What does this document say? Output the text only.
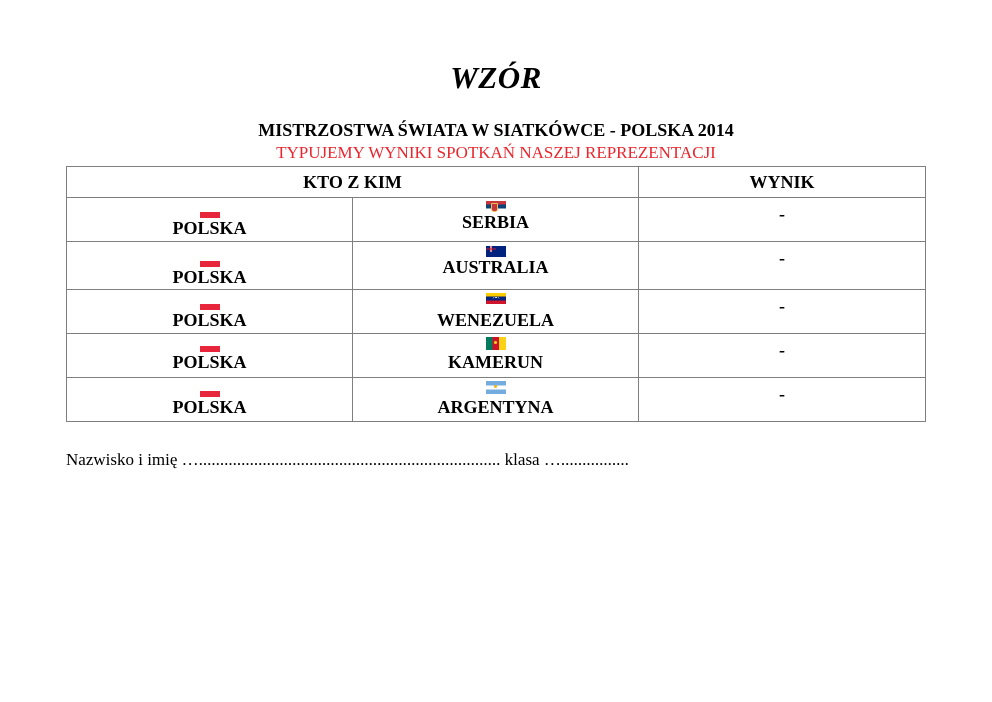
WZÓR
MISTRZOSTWA ŚWIATA W SIATKÓWCE - POLSKA 2014
TYPUJEMY WYNIKI SPOTKAŃ NASZEJ REPREZENTACJI
KTO Z KIM		WYNIK

POLSKA	SERBIA	-

POLSKA	AUSTRALIA	-

POLSKA	WENEZUELA	-

POLSKA	KAMERUN	-

POLSKA	ARGENTYNA	-
Nazwisko i imię …....................................................................... klasa …................
